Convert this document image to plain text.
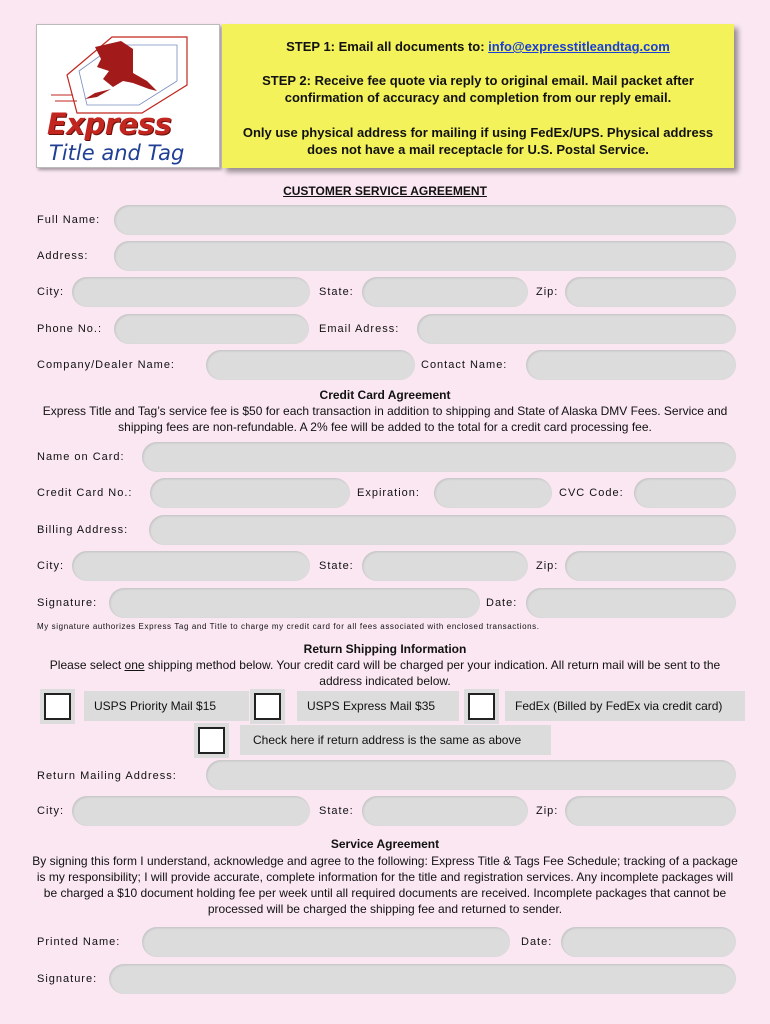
Express
Title and Tag

STEP 1: Email all documents to: info@expresstitleandtag.com

STEP 2: Receive fee quote via reply to original email. Mail packet after confirmation of accuracy and completion from our reply email.

Only use physical address for mailing if using FedEx/UPS. Physical address does not have a mail receptacle for U.S. Postal Service.

CUSTOMER SERVICE AGREEMENT
Full Name:
Address:
City:	State:	Zip:
Phone No.:	Email Adress:
Company/Dealer Name:	Contact Name:
Credit Card Agreement
Express Title and Tag’s service fee is $50 for each transaction in addition to shipping and State of Alaska DMV Fees. Service and shipping fees are non-refundable. A 2% fee will be added to the total for a credit card processing fee.
Name on Card:
Credit Card No.:	Expiration:	CVC Code:
Billing Address:
City:	State:	Zip:
Signature:	Date:
My signature authorizes Express Tag and Title to charge my credit card for all fees associated with enclosed transactions.
Return Shipping Information
Please select one shipping method below. Your credit card will be charged per your indication. All return mail will be sent to the address indicated below.
USPS Priority Mail $15	USPS Express Mail $35	FedEx (Billed by FedEx via credit card)
Check here if return address is the same as above
Return Mailing Address:
City:	State:	Zip:
Service Agreement
By signing this form I understand, acknowledge and agree to the following: Express Title & Tags Fee Schedule; tracking of a package is my responsibility; I will provide accurate, complete information for the title and registration services. Any incomplete packages will be charged a $10 document holding fee per week until all required documents are received. Incomplete packages that cannot be processed will be charged the shipping fee and returned to sender.
Printed Name:	Date:
Signature:
